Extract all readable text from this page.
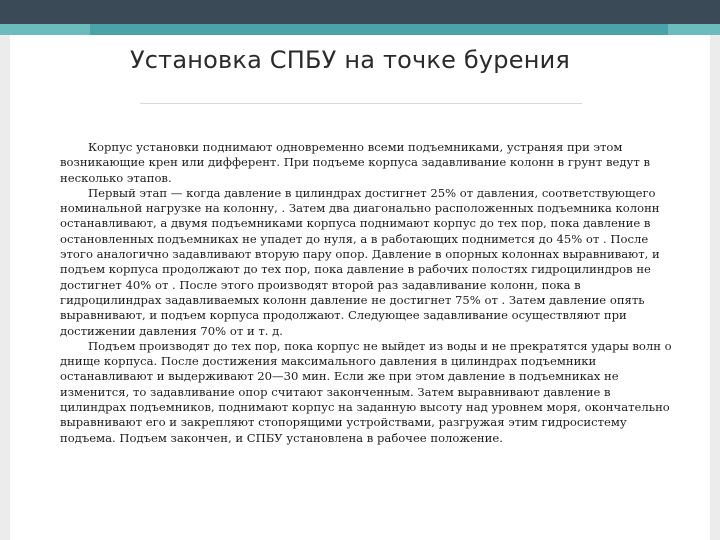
Установка СПБУ на точке бурения

Корпус установки поднимают одновременно всеми подъемниками, устраняя при этом возникающие крен или дифферент. При подъеме корпуса задавливание колонн в грунт ведут в несколько этапов.

Первый этап — когда давление в цилиндрах достигнет 25% от давления, соответствующего номинальной нагрузке на колонну, . Затем два диагонально расположенных подъемника колонн останавливают, а двумя подъемниками корпуса поднимают корпус до тех пор, пока давление в остановленных подъемниках не упадет до нуля, а в работающих поднимется до 45% от . После этого аналогично задавливают вторую пару опор. Давление в опорных колоннах выравнивают, и подъем корпуса продолжают до тех пор, пока давление в рабочих полостях гидроцилиндров не достигнет 40% от . После этого производят второй раз задавливание колонн, пока в гидроцилиндрах задавливаемых колонн давление не достигнет 75% от . Затем давление опять выравнивают, и подъем корпуса продолжают. Следующее задавливание осуществляют при достижении давления 70% от и т. д.

Подъем производят до тех пор, пока корпус не выйдет из воды и не прекратятся удары волн о днище корпуса. После достижения максимального давления в цилиндрах подъемники останавливают и выдерживают 20—30 мин. Если же при этом давление в подъемниках не изменится, то задавливание опор считают законченным. Затем выравнивают давление в цилиндрах подъемников, поднимают корпус на заданную высоту над уровнем моря, окончательно выравнивают его и закрепляют стопорящими устройствами, разгружая этим гидросистему подъема. Подъем закончен, и СПБУ установлена в рабочее положение.
